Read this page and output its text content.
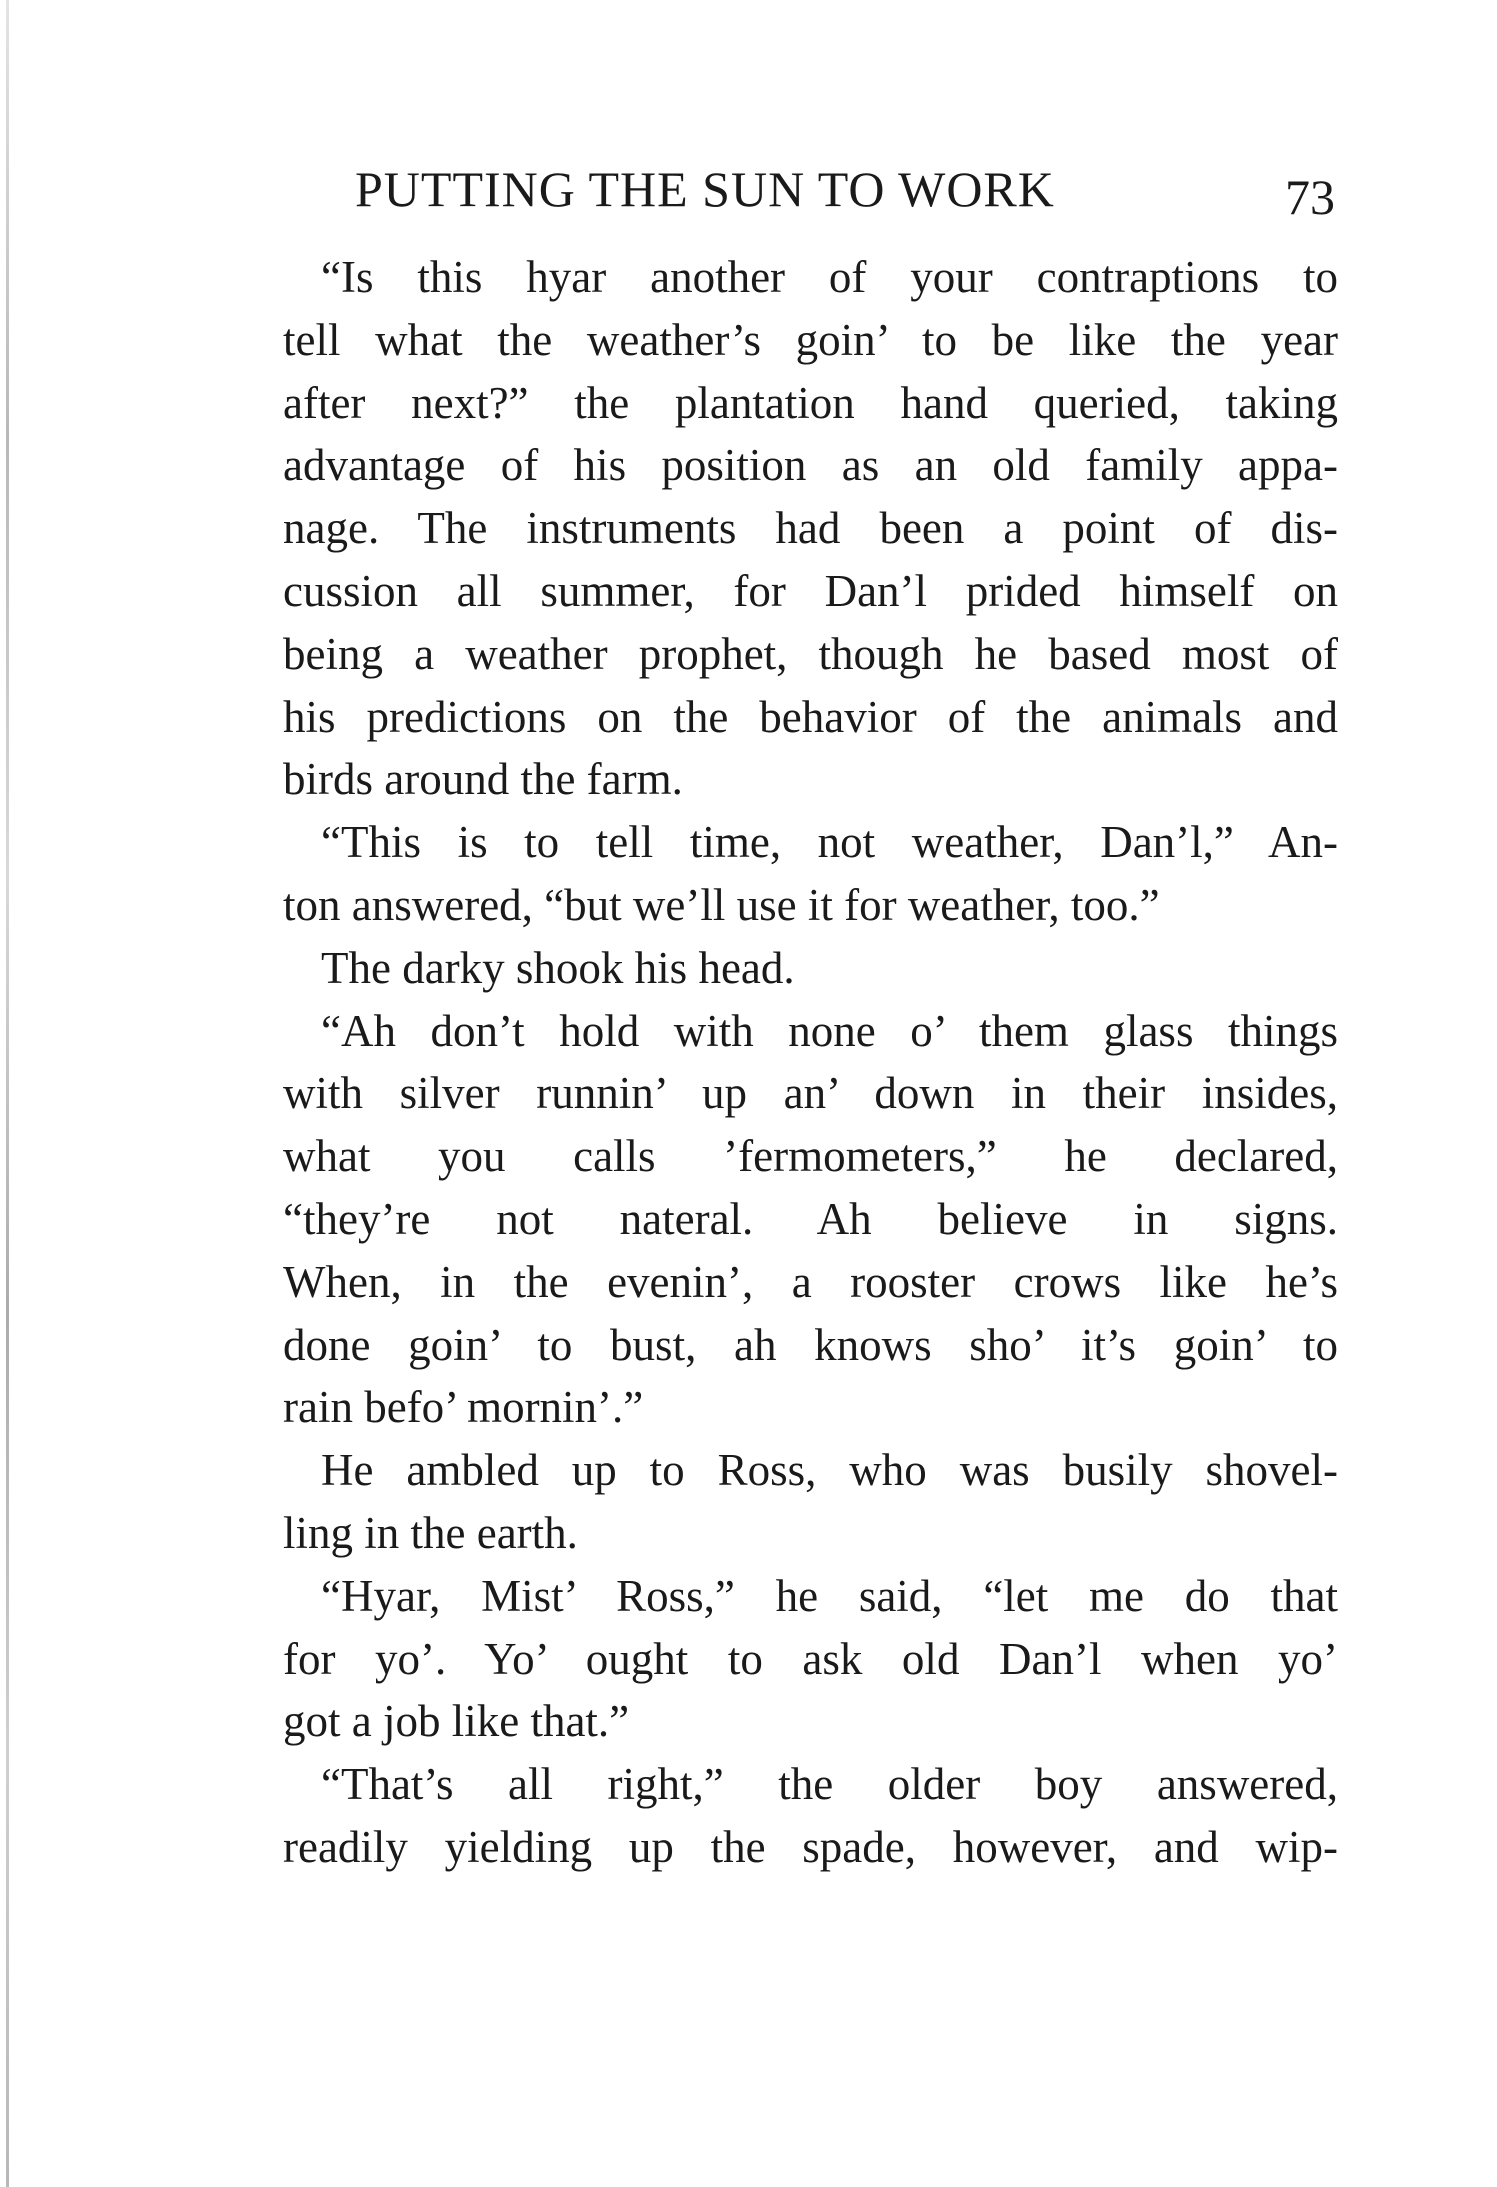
PUTTING THE SUN TO WORK	73
“Is this hyar another of your contraptions to
tell what the weather’s goin’ to be like the year
after next?” the plantation hand queried, taking
advantage of his position as an old family appa-
nage. The instruments had been a point of dis-
cussion all summer, for Dan’l prided himself on
being a weather prophet, though he based most of
his predictions on the behavior of the animals and
birds around the farm.
“This is to tell time, not weather, Dan’l,” An-
ton answered, “but we’ll use it for weather, too.”
The darky shook his head.
“Ah don’t hold with none o’ them glass things
with silver runnin’ up an’ down in their insides,
what you calls ’fermometers,” he declared,
“they’re not nateral. Ah believe in signs.
When, in the evenin’, a rooster crows like he’s
done goin’ to bust, ah knows sho’ it’s goin’ to
rain befo’ mornin’.”
He ambled up to Ross, who was busily shovel-
ling in the earth.
“Hyar, Mist’ Ross,” he said, “let me do that
for yo’. Yo’ ought to ask old Dan’l when yo’
got a job like that.”
“That’s all right,” the older boy answered,
readily yielding up the spade, however, and wip-
